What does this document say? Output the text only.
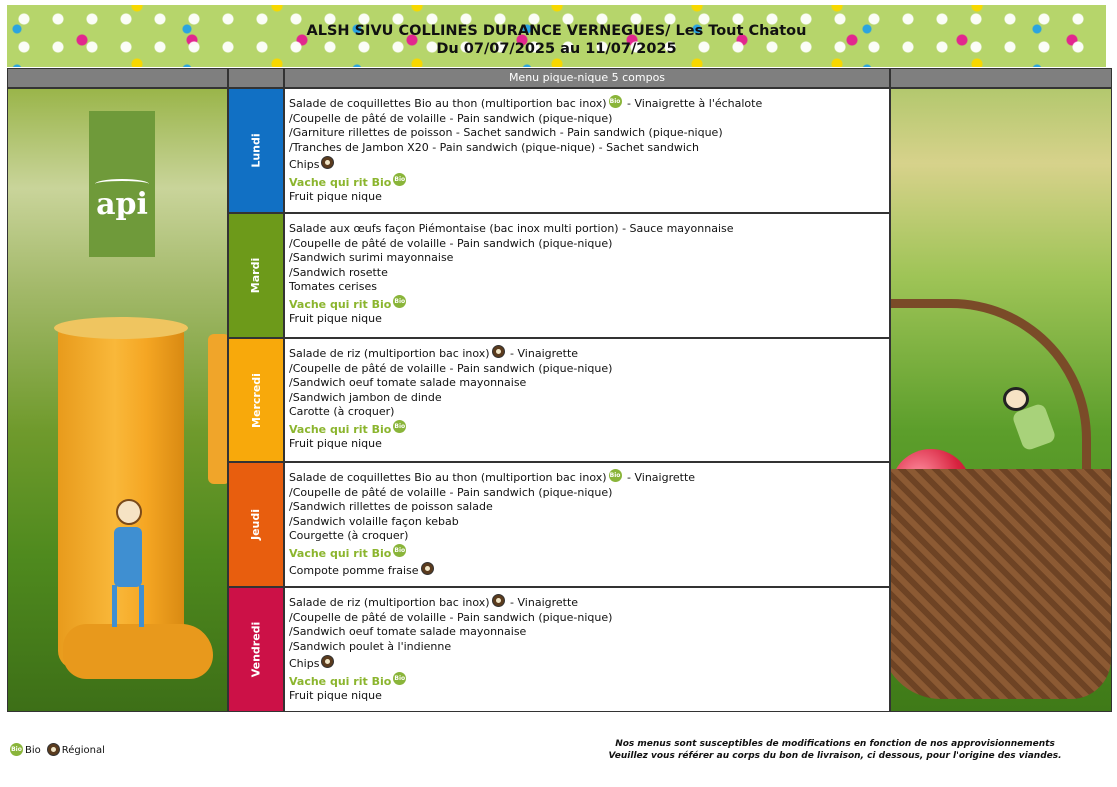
ALSH SIVU COLLINES DURANCE VERNEGUES/ Les Tout Chatou
Du 07/07/2025 au 11/07/2025
Menu pique-nique 5 compos
api
Lundi
Salade de coquillettes Bio au thon (multiportion bac inox) Bio - Vinaigrette à l'échalote
/Coupelle de pâté de volaille - Pain sandwich (pique-nique)
/Garniture rillettes de poisson - Sachet sandwich - Pain sandwich (pique-nique)
/Tranches de Jambon X20 - Pain sandwich (pique-nique) - Sachet sandwich
Chips
Vache qui rit Bio Bio
Fruit pique nique
Mardi
Salade aux œufs façon Piémontaise (bac inox multi portion) - Sauce mayonnaise
/Coupelle de pâté de volaille - Pain sandwich (pique-nique)
/Sandwich surimi mayonnaise
/Sandwich rosette
Tomates cerises
Vache qui rit Bio Bio
Fruit pique nique
Mercredi
Salade de riz (multiportion bac inox) - Vinaigrette
/Coupelle de pâté de volaille - Pain sandwich (pique-nique)
/Sandwich oeuf tomate salade mayonnaise
/Sandwich jambon de dinde
Carotte (à croquer)
Vache qui rit Bio Bio
Fruit pique nique
Jeudi
Salade de coquillettes Bio au thon (multiportion bac inox) Bio - Vinaigrette
/Coupelle de pâté de volaille - Pain sandwich (pique-nique)
/Sandwich rillettes de poisson salade
/Sandwich volaille façon kebab
Courgette (à croquer)
Vache qui rit Bio Bio
Compote pomme fraise
Vendredi
Salade de riz (multiportion bac inox) - Vinaigrette
/Coupelle de pâté de volaille - Pain sandwich (pique-nique)
/Sandwich oeuf tomate salade mayonnaise
/Sandwich poulet à l'indienne
Chips
Vache qui rit Bio Bio
Fruit pique nique
Bio Bio Régional
Nos menus sont susceptibles de modifications en fonction de nos approvisionnements
Veuillez vous référer au corps du bon de livraison, ci dessous, pour l'origine des viandes.
